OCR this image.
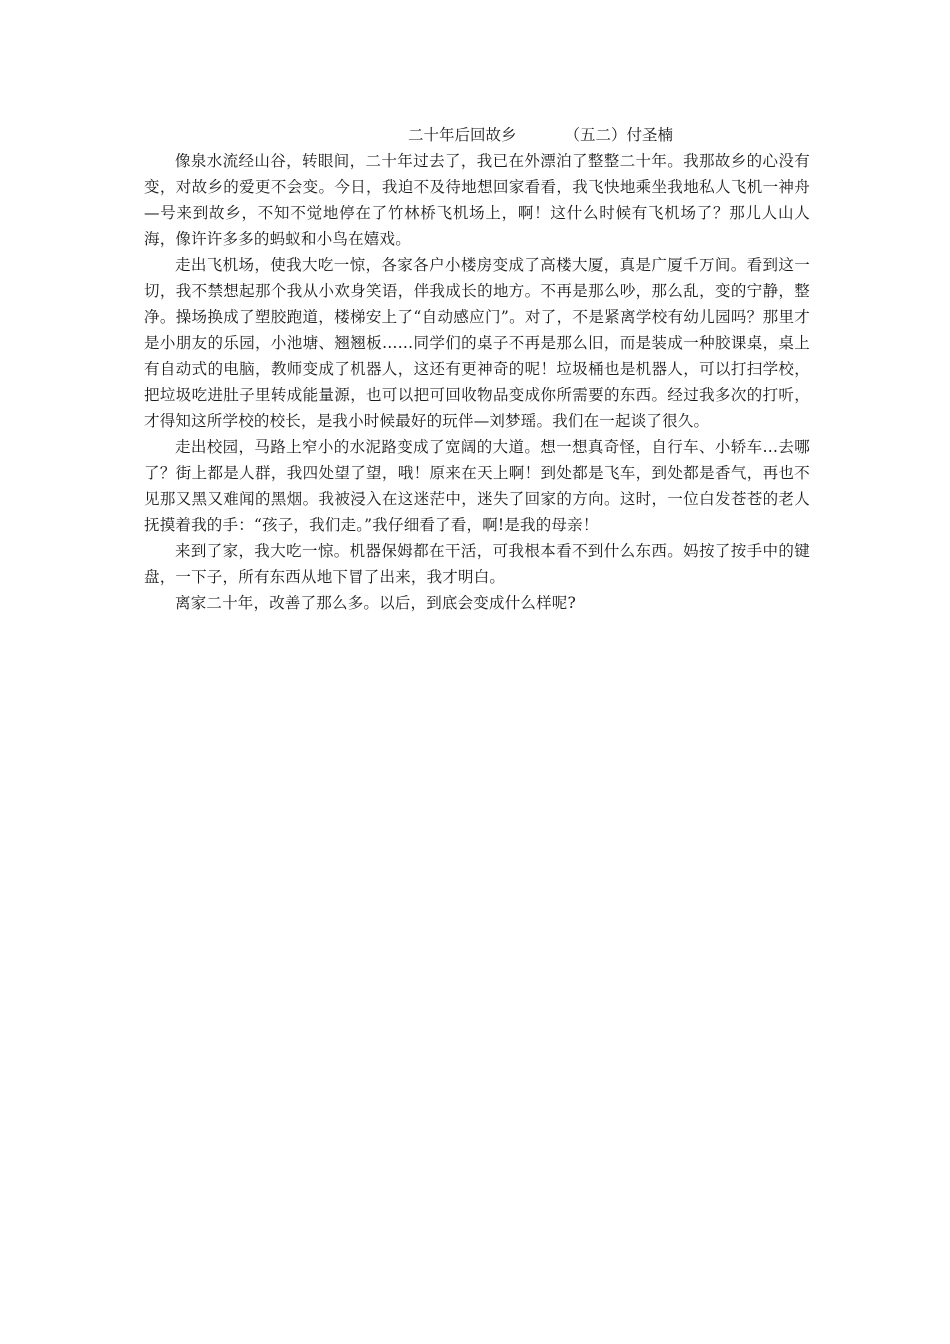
二十年后回故乡	（五二）付圣楠

像泉水流经山谷，转眼间，二十年过去了，我已在外漂泊了整整二十年。我那故乡的心没有变，对故乡的爱更不会变。今日，我迫不及待地想回家看看，我飞快地乘坐我地私人飞机一神舟—号来到故乡，不知不觉地停在了竹林桥飞机场上，啊！这什么时候有飞机场了？那儿人山人海，像许许多多的蚂蚁和小鸟在嬉戏。

走出飞机场，使我大吃一惊，各家各户小楼房变成了高楼大厦，真是广厦千万间。看到这一切，我不禁想起那个我从小欢身笑语，伴我成长的地方。不再是那么吵，那么乱，变的宁静，整净。操场换成了塑胶跑道，楼梯安上了“自动感应门”。对了，不是紧离学校有幼儿园吗？那里才是小朋友的乐园，小池塘、翘翘板……同学们的桌子不再是那么旧，而是装成一种胶课桌，桌上有自动式的电脑，教师变成了机器人，这还有更神奇的呢！垃圾桶也是机器人，可以打扫学校，把垃圾吃进肚子里转成能量源，也可以把可回收物品变成你所需要的东西。经过我多次的打听，才得知这所学校的校长，是我小时候最好的玩伴—刘梦瑶。我们在一起谈了很久。

走出校园，马路上窄小的水泥路变成了宽阔的大道。想一想真奇怪，自行车、小轿车…去哪了？街上都是人群，我四处望了望，哦！原来在天上啊！到处都是飞车，到处都是香气，再也不见那又黑又难闻的黑烟。我被浸入在这迷茫中，迷失了回家的方向。这时，一位白发苍苍的老人抚摸着我的手：“孩子，我们走。”我仔细看了看，啊!是我的母亲！

来到了家，我大吃一惊。机器保姆都在干活，可我根本看不到什么东西。妈按了按手中的键盘，一下子，所有东西从地下冒了出来，我才明白。

离家二十年，改善了那么多。以后，到底会变成什么样呢?
